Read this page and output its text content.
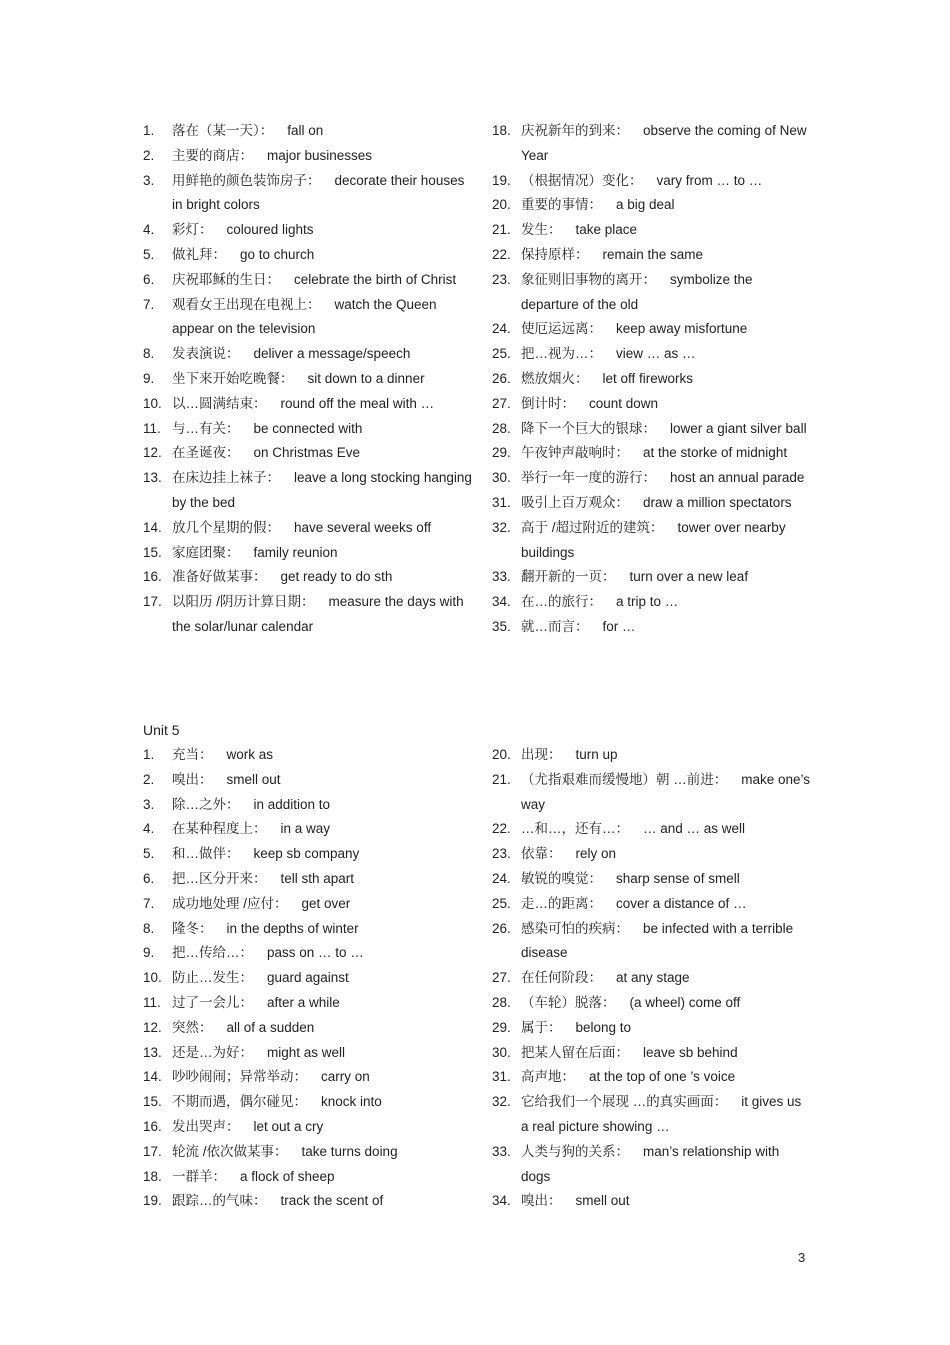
1.	落在（某一天）： fall on
2.	主要的商店： major businesses
3.	用鲜艳的颜色装饰房子： decorate their houses in bright colors
4.	彩灯： coloured lights
5.	做礼拜： go to church
6.	庆祝耶稣的生日： celebrate the birth of Christ
7.	观看女王出现在电视上： watch the Queen appear on the television
8.	发表演说： deliver a message/speech
9.	坐下来开始吃晚餐： sit down to a dinner
10. 以…圆满结束： round off the meal with …
11. 与…有关： be connected with
12. 在圣诞夜： on Christmas Eve
13. 在床边挂上袜子： leave a long stocking hanging by the bed
14. 放几个星期的假： have several weeks off
15. 家庭团聚： family reunion
16. 准备好做某事： get ready to do sth
17. 以阳历 /阴历计算日期： measure the days with the solar/lunar calendar
18. 庆祝新年的到来： observe the coming of New Year
19. （根据情况）变化： vary from … to …
20. 重要的事情： a big deal
21. 发生： take place
22. 保持原样： remain the same
23. 象征则旧事物的离开： symbolize the departure of the old
24. 使厄运远离： keep away misfortune
25. 把…视为…： view … as …
26. 燃放烟火： let off fireworks
27. 倒计时： count down
28. 降下一个巨大的银球： lower a giant silver ball
29. 午夜钟声敲响时： at the storke of midnight
30. 举行一年一度的游行： host an annual parade
31. 吸引上百万观众： draw a million spectators
32. 高于 /超过附近的建筑： tower over nearby buildings
33. 翻开新的一页： turn over a new leaf
34. 在…的旅行： a trip to …
35. 就…而言： for …
Unit 5
1.	充当： work as
2.	嗅出： smell out
3.	除…之外： in addition to
4.	在某种程度上： in a way
5.	和…做伴： keep sb company
6.	把…区分开来： tell sth apart
7.	成功地处理 /应付： get over
8.	隆冬： in the depths of winter
9.	把…传给…： pass on … to …
10. 防止…发生： guard against
11. 过了一会儿： after a while
12. 突然： all of a sudden
13. 还是…为好： might as well
14. 吵吵闹闹；异常举动： carry on
15. 不期而遇，偶尔碰见： knock into
16. 发出哭声： let out a cry
17. 轮流 /依次做某事： take turns doing
18. 一群羊： a flock of sheep
19. 跟踪…的气味： track the scent of
20. 出现： turn up
21. （尤指艰难而缓慢地）朝 …前进： make one’s way
22. …和…，还有…： … and … as well
23. 依靠： rely on
24. 敏锐的嗅觉： sharp sense of smell
25. 走…的距离： cover a distance of …
26. 感染可怕的疾病： be infected with a terrible disease
27. 在任何阶段： at any stage
28. （车轮）脱落： (a wheel) come off
29. 属于： belong to
30. 把某人留在后面： leave sb behind
31. 高声地： at the top of one ’s voice
32. 它给我们一个展现 …的真实画面： it gives us a real picture showing …
33. 人类与狗的关系： man’s relationship with dogs
34. 嗅出： smell out
3
